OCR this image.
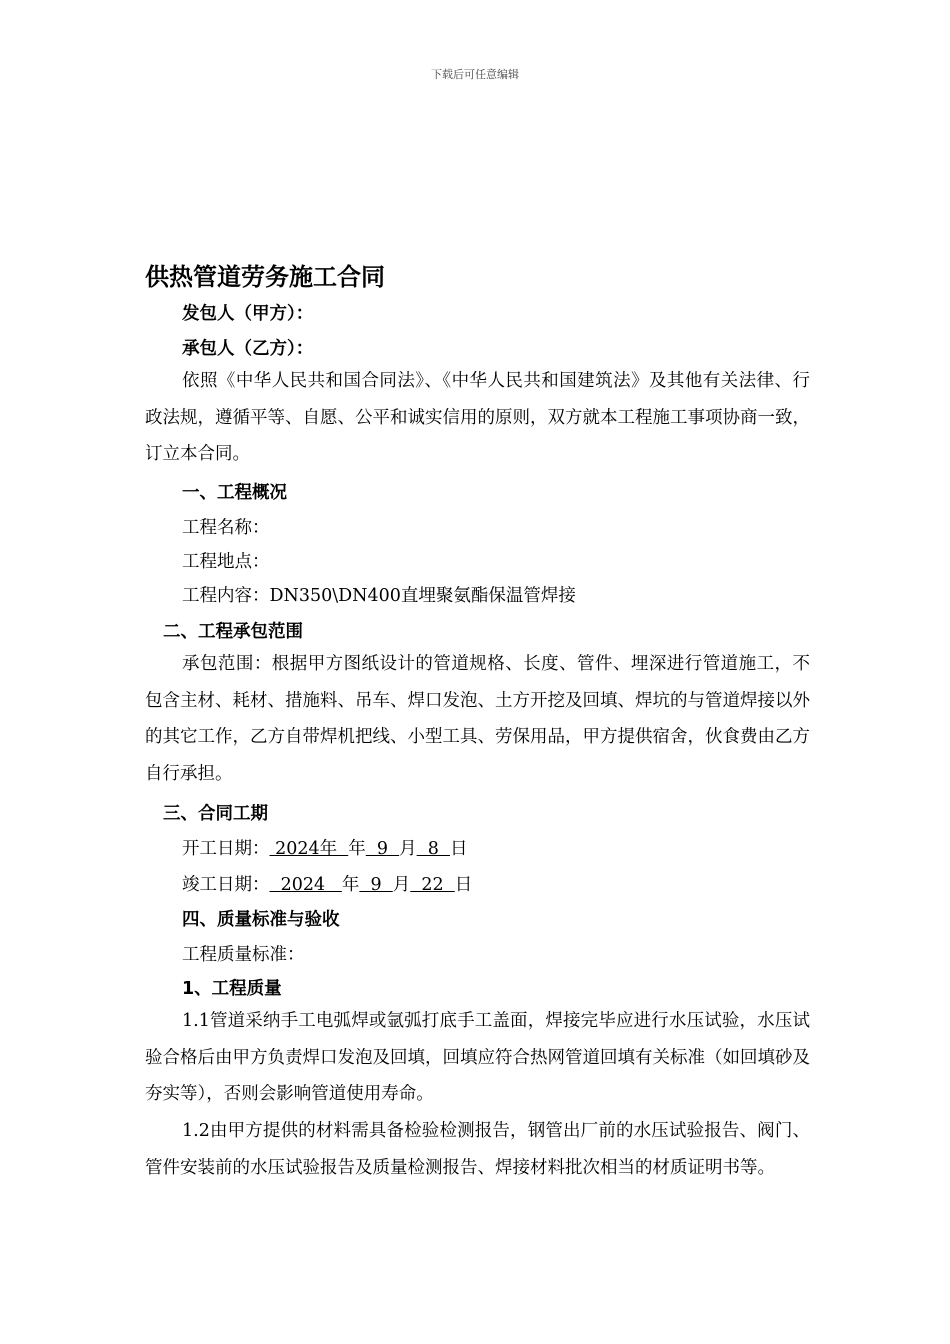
下载后可任意编辑
供热管道劳务施工合同
发包人（甲方）：
承包人（乙方）：
依照《中华人民共和国合同法》、《中华人民共和国建筑法》及其他有关法律、行政法规，遵循平等、自愿、公平和诚实信用的原则，双方就本工程施工事项协商一致，订立本合同。
一、工程概况
工程名称：
工程地点：
工程内容：DN350\DN400直埋聚氨酯保温管焊接
二、工程承包范围
承包范围：根据甲方图纸设计的管道规格、长度、管件、埋深进行管道施工，不包含主材、耗材、措施料、吊车、焊口发泡、土方开挖及回填、焊坑的与管道焊接以外的其它工作，乙方自带焊机把线、小型工具、劳保用品，甲方提供宿舍，伙食费由乙方自行承担。
三、合同工期
开工日期： 2024年  年  9  月  8  日
竣工日期：  2024   年  9  月  22  日
四、质量标准与验收
工程质量标准：
1、工程质量
1.1管道采纳手工电弧焊或氩弧打底手工盖面，焊接完毕应进行水压试验，水压试验合格后由甲方负责焊口发泡及回填，回填应符合热网管道回填有关标准（如回填砂及夯实等），否则会影响管道使用寿命。
1.2由甲方提供的材料需具备检验检测报告，钢管出厂前的水压试验报告、阀门、管件安装前的水压试验报告及质量检测报告、焊接材料批次相当的材质证明书等。
